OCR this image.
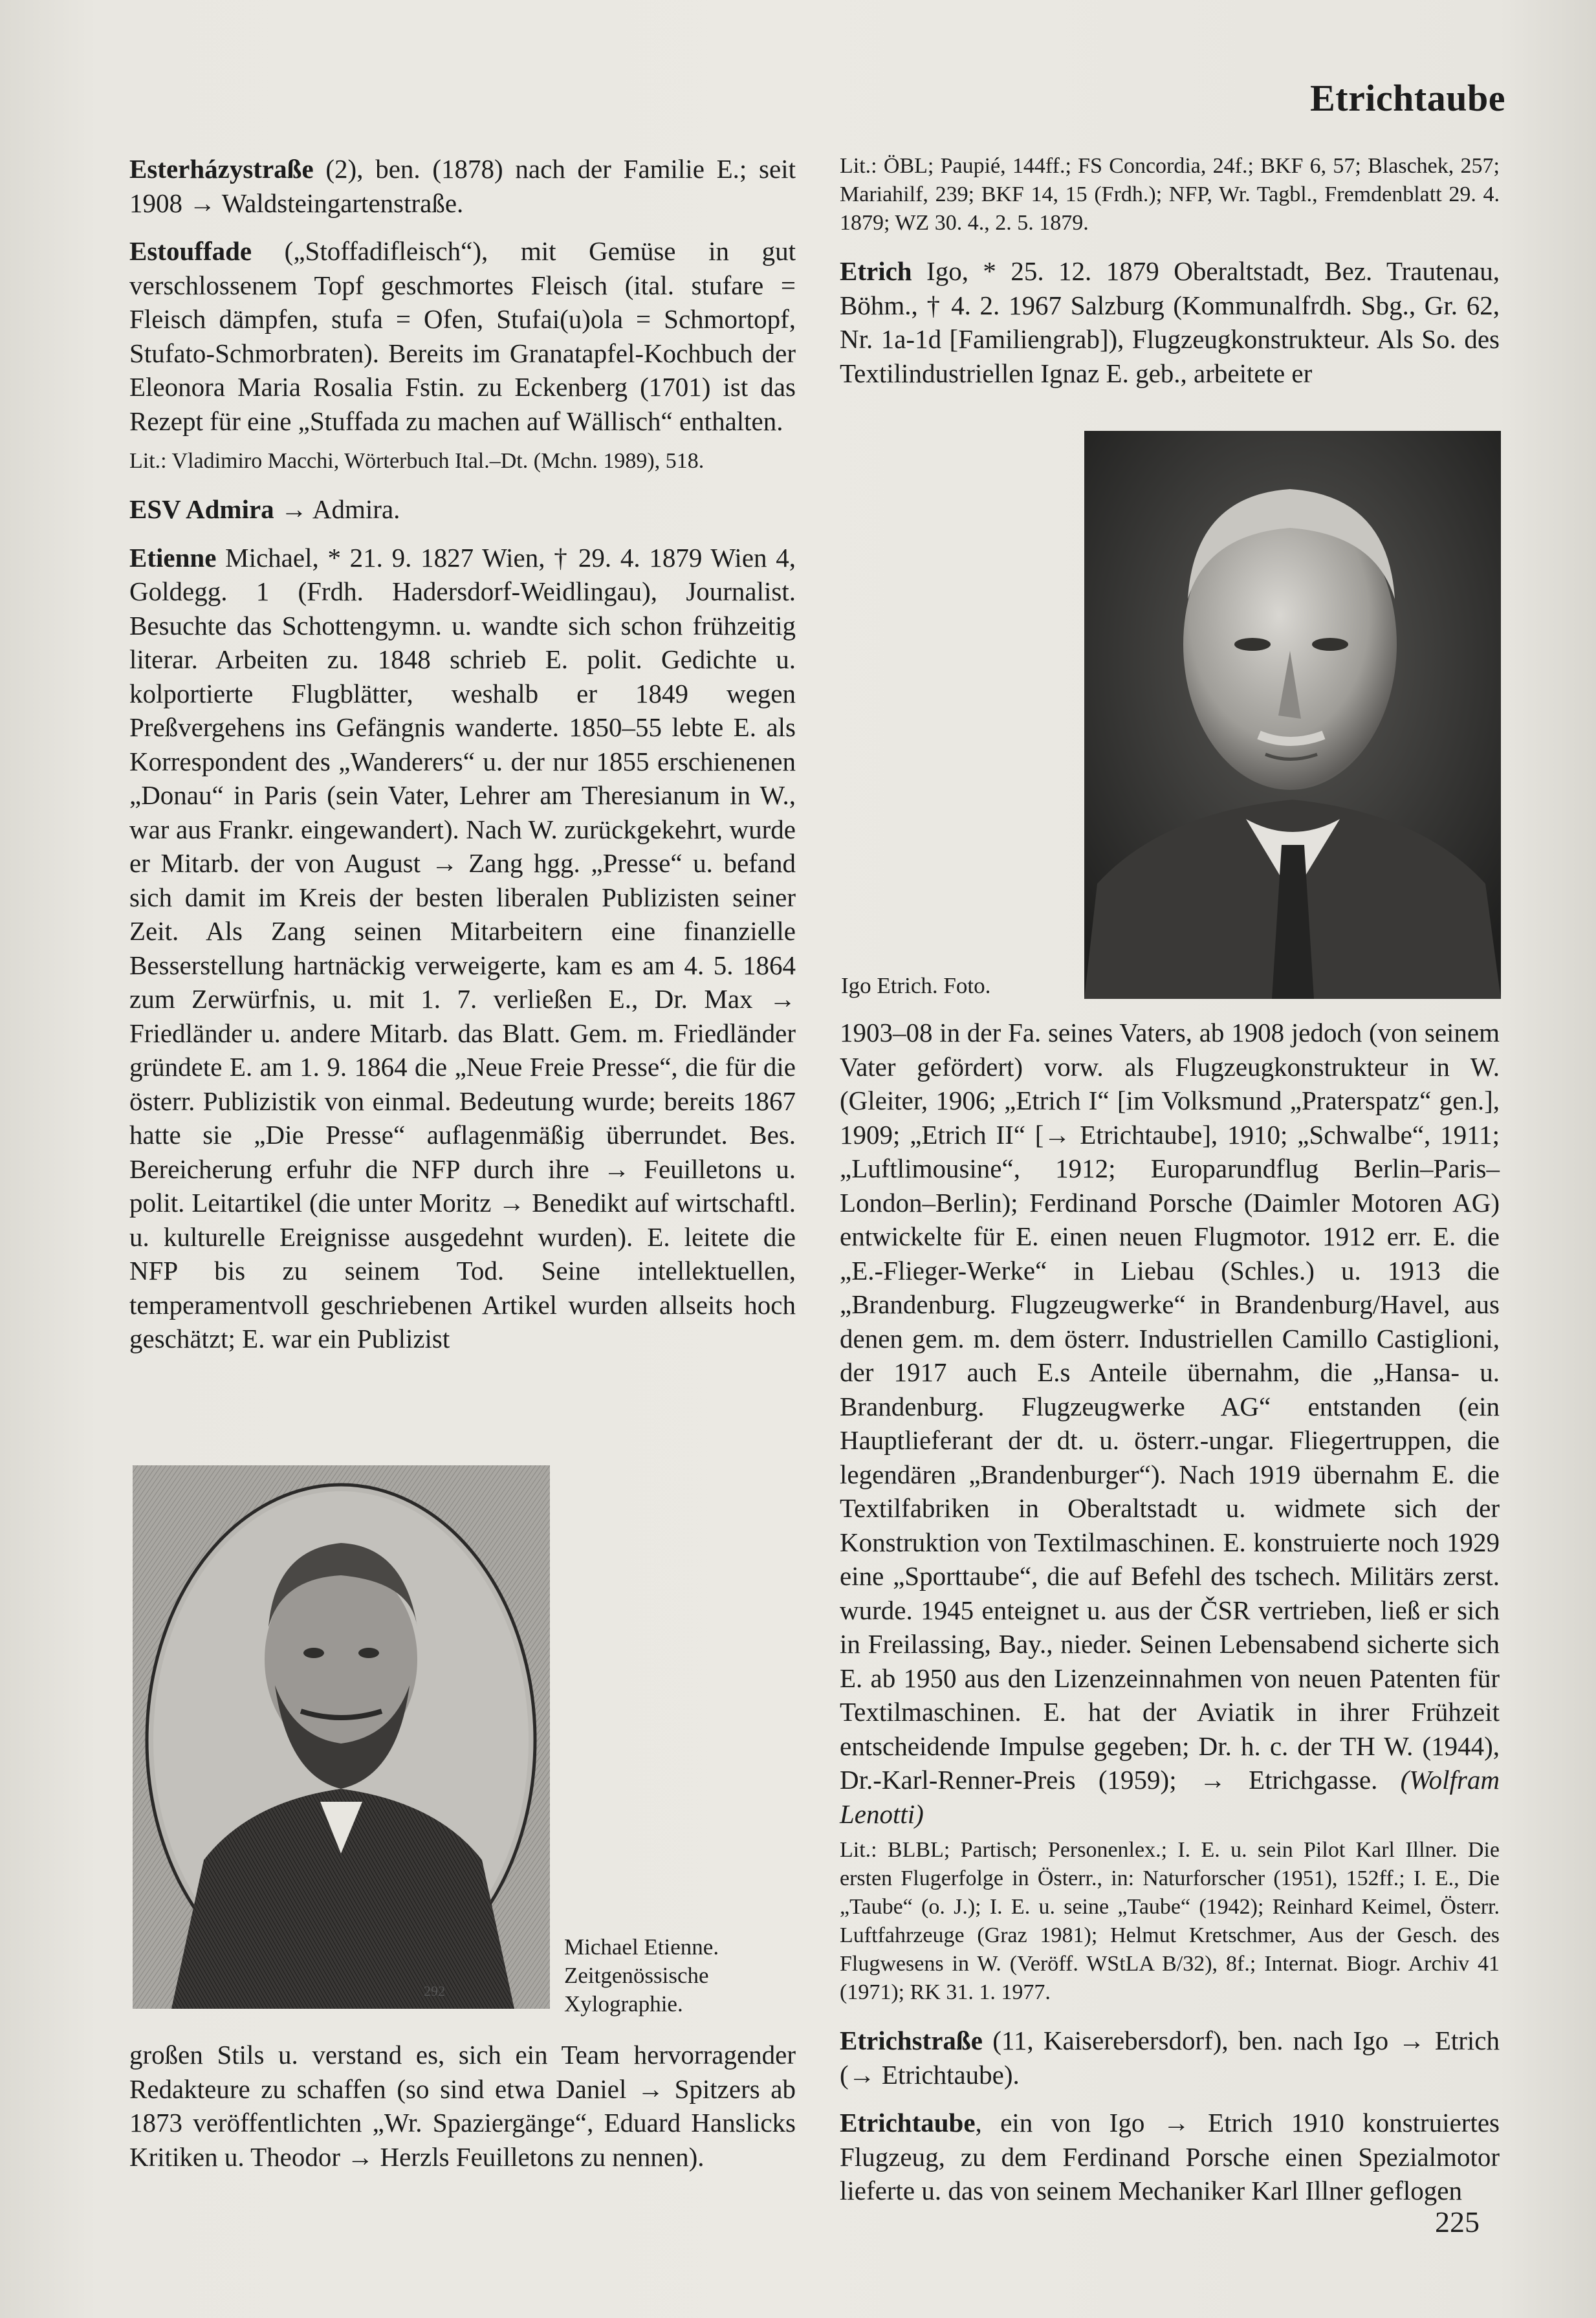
Etrichtaube
Esterházystraße (2), ben. (1878) nach der Familie E.; seit 1908 → Waldsteingartenstraße.
Estouffade („Stoffadifleisch“), mit Gemüse in gut verschlossenem Topf geschmortes Fleisch (ital. stufare = Fleisch dämpfen, stufa = Ofen, Stufai(u)ola = Schmortopf, Stufato-Schmorbraten). Bereits im Granatapfel-Kochbuch der Eleonora Maria Rosalia Fstin. zu Eckenberg (1701) ist das Rezept für eine „Stuffada zu machen auf Wällisch“ enthalten.
Lit.: Vladimiro Macchi, Wörterbuch Ital.–Dt. (Mchn. 1989), 518.
ESV Admira → Admira.
Etienne Michael, * 21. 9. 1827 Wien, † 29. 4. 1879 Wien 4, Goldegg. 1 (Frdh. Hadersdorf-Weidlingau), Journalist. Besuchte das Schottengymn. u. wandte sich schon frühzeitig literar. Arbeiten zu. 1848 schrieb E. polit. Gedichte u. kolportierte Flugblätter, weshalb er 1849 wegen Preßvergehens ins Gefängnis wanderte. 1850–55 lebte E. als Korrespondent des „Wanderers“ u. der nur 1855 erschienenen „Donau“ in Paris (sein Vater, Lehrer am Theresianum in W., war aus Frankr. eingewandert). Nach W. zurückgekehrt, wurde er Mitarb. der von August → Zang hgg. „Presse“ u. befand sich damit im Kreis der besten liberalen Publizisten seiner Zeit. Als Zang seinen Mitarbeitern eine finanzielle Besserstellung hartnäckig verweigerte, kam es am 4. 5. 1864 zum Zerwürfnis, u. mit 1. 7. verließen E., Dr. Max → Friedländer u. andere Mitarb. das Blatt. Gem. m. Friedländer gründete E. am 1. 9. 1864 die „Neue Freie Presse“, die für die österr. Publizistik von einmal. Bedeutung wurde; bereits 1867 hatte sie „Die Presse“ auflagenmäßig überrundet. Bes. Bereicherung erfuhr die NFP durch ihre → Feuilletons u. polit. Leitartikel (die unter Moritz → Benedikt auf wirtschaftl. u. kulturelle Ereignisse ausgedehnt wurden). E. leitete die NFP bis zu seinem Tod. Seine intellektuellen, temperamentvoll geschriebenen Artikel wurden allseits hoch geschätzt; E. war ein Publizist
292
Michael Etienne. Zeitgenössische Xylographie.
großen Stils u. verstand es, sich ein Team hervorragender Redakteure zu schaffen (so sind etwa Daniel → Spitzers ab 1873 veröffentlichten „Wr. Spaziergänge“, Eduard Hanslicks Kritiken u. Theodor → Herzls Feuilletons zu nennen).
Lit.: ÖBL; Paupié, 144ff.; FS Concordia, 24f.; BKF 6, 57; Blaschek, 257; Mariahilf, 239; BKF 14, 15 (Frdh.); NFP, Wr. Tagbl., Fremdenblatt 29. 4. 1879; WZ 30. 4., 2. 5. 1879.
Etrich Igo, * 25. 12. 1879 Oberaltstadt, Bez. Trautenau, Böhm., † 4. 2. 1967 Salzburg (Kommunalfrdh. Sbg., Gr. 62, Nr. 1a-1d [Familiengrab]), Flugzeugkonstrukteur. Als So. des Textilindustriellen Ignaz E. geb., arbeitete er
Igo Etrich. Foto.
1903–08 in der Fa. seines Vaters, ab 1908 jedoch (von seinem Vater gefördert) vorw. als Flugzeugkonstrukteur in W. (Gleiter, 1906; „Etrich I“ [im Volksmund „Praterspatz“ gen.], 1909; „Etrich II“ [→ Etrichtaube], 1910; „Schwalbe“, 1911; „Luftlimousine“, 1912; Europarundflug Berlin–Paris–London–Berlin); Ferdinand Porsche (Daimler Motoren AG) entwickelte für E. einen neuen Flugmotor. 1912 err. E. die „E.-Flieger-Werke“ in Liebau (Schles.) u. 1913 die „Brandenburg. Flugzeugwerke“ in Brandenburg/Havel, aus denen gem. m. dem österr. Industriellen Camillo Castiglioni, der 1917 auch E.s Anteile übernahm, die „Hansa- u. Brandenburg. Flugzeugwerke AG“ entstanden (ein Hauptlieferant der dt. u. österr.-ungar. Fliegertruppen, die legendären „Brandenburger“). Nach 1919 übernahm E. die Textilfabriken in Oberaltstadt u. widmete sich der Konstruktion von Textilmaschinen. E. konstruierte noch 1929 eine „Sporttaube“, die auf Befehl des tschech. Militärs zerst. wurde. 1945 enteignet u. aus der ČSR vertrieben, ließ er sich in Freilassing, Bay., nieder. Seinen Lebensabend sicherte sich E. ab 1950 aus den Lizenzeinnahmen von neuen Patenten für Textilmaschinen. E. hat der Aviatik in ihrer Frühzeit entscheidende Impulse gegeben; Dr. h. c. der TH W. (1944), Dr.-Karl-Renner-Preis (1959); → Etrichgasse. (Wolfram Lenotti)
Lit.: BLBL; Partisch; Personenlex.; I. E. u. sein Pilot Karl Illner. Die ersten Flugerfolge in Österr., in: Naturforscher (1951), 152ff.; I. E., Die „Taube“ (o. J.); I. E. u. seine „Taube“ (1942); Reinhard Keimel, Österr. Luftfahrzeuge (Graz 1981); Helmut Kretschmer, Aus der Gesch. des Flugwesens in W. (Veröff. WStLA B/32), 8f.; Internat. Biogr. Archiv 41 (1971); RK 31. 1. 1977.
Etrichstraße (11, Kaiserebersdorf), ben. nach Igo → Etrich (→ Etrichtaube).
Etrichtaube, ein von Igo → Etrich 1910 konstruiertes Flugzeug, zu dem Ferdinand Porsche einen Spezialmotor lieferte u. das von seinem Mechaniker Karl Illner geflogen
225
